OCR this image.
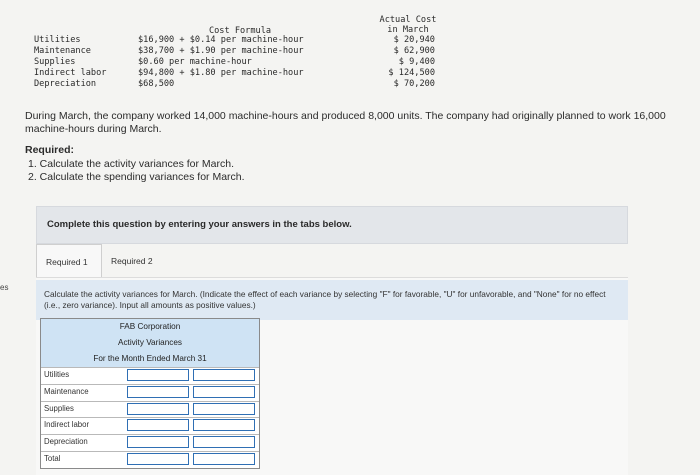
Cost Formula
Actual Cost
in March
Utilities	$16,900 + $0.14 per machine-hour	$ 20,940
Maintenance	$38,700 + $1.90 per machine-hour	$ 62,900
Supplies	$0.60 per machine-hour	$ 9,400
Indirect labor	$94,800 + $1.80 per machine-hour	$ 124,500
Depreciation	$68,500	$ 70,200
During March, the company worked 14,000 machine-hours and produced 8,000 units. The company had originally planned to work 16,000 machine-hours during March.
Required:
1. Calculate the activity variances for March.
2. Calculate the spending variances for March.
Complete this question by entering your answers in the tabs below.
Required 1	Required 2
es
Calculate the activity variances for March. (Indicate the effect of each variance by selecting "F" for favorable, "U" for unfavorable, and "None" for no effect (i.e., zero variance). Input all amounts as positive values.)
FAB Corporation
Activity Variances
For the Month Ended March 31
Utilities
Maintenance
Supplies
Indirect labor
Depreciation
Total
